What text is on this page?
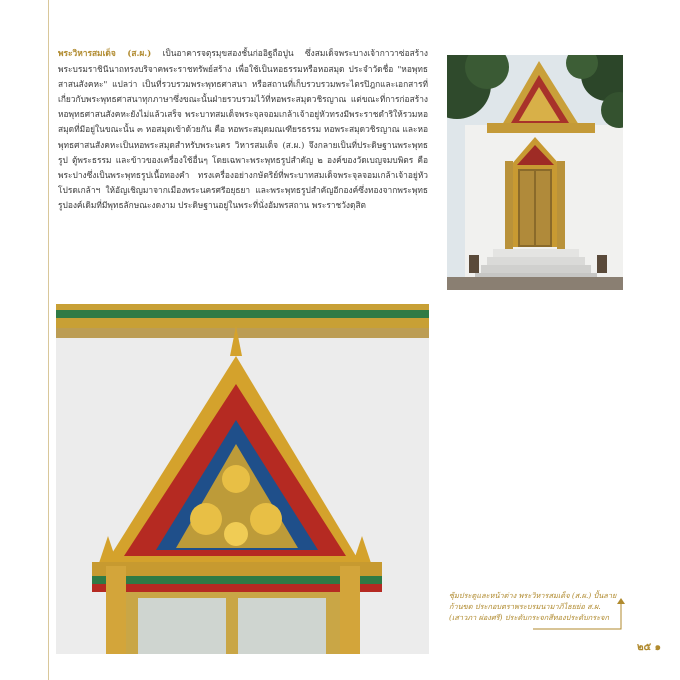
พระวิหารสมเด็จ (ส.ผ.) เป็นอาคารจตุรมุขสองชั้นก่ออิฐถือปูน ซึ่งสมเด็จพระบางเจ้ากาวาซ่อสร้างพระบรมราชินีนาถทรงบริจาคพระราชทรัพย์สร้าง เพื่อใช้เป็นหอธรรมหรือหอสมุด ประจำวัดชื่อ "หอพุทธสาสนสังคหะ" แปลว่า เป็นที่รวบรวมพระพุทธศาสนา หรือสถานที่เก็บรวบรวมพระไตรปิฎกและเอกสารที่เกี่ยวกับพระพุทธศาสนาทุกภาษาซึ่งขณะนั้นฝ่ายรวบรวมไว้ที่หอพระสมุดวชิรญาณ แต่ขณะที่การก่อสร้างหอพุทธศาสนสังคหะยังไม่แล้วเสร็จ พระบาทสมเด็จพระจุลจอมเกล้าเจ้าอยู่หัวทรงมีพระราชดำริให้รวมหอสมุดที่มีอยู่ในขณะนั้น ๓ หอสมุดเข้าด้วยกัน คือ หอพระสมุดมณเฑียรธรรม หอพระสมุดวชิรญาณ และหอพุทธศาสนสังคหะเป็นหอพระสมุดสำหรับพระนคร วิหารสมเด็จ (ส.ผ.) จึงกลายเป็นที่ประดิษฐานพระพุทธรูป ตู้พระธรรม และข้าวของเครื่องใช้อื่นๆ โดยเฉพาะพระพุทธรูปสำคัญ ๒ องค์ของวัดเบญจมบพิตร คือ พระปางซึ่งเป็นพระพุทธรูปเนื้อทองคำ ทรงเครื่องอย่างกษัตริย์ที่พระบาทสมเด็จพระจุลจอมเกล้าเจ้าอยู่หัวโปรดเกล้าฯ ให้อัญเชิญมาจากเมืองพระนครศรีอยุธยา และพระพุทธรูปสำคัญอีกองค์ซึ่งทองจากพระพุทธรูปองค์เดิมที่มีพุทธลักษณะงดงาม ประดิษฐานอยู่ในพระที่นั่งอัมพรสถาน พระราชวังดุสิต

ซุ้มประตูและหน้าต่าง พระวิหารสมเด็จ (ส.ผ.) ปั้นลายก้านขด ประกอบตราพระบรมนามาภิไธยย่อ ส.ผ. (เสาวภา ผ่องศรี) ประดับกระจกสีทองประดับกระจก

๒๕ ๑
